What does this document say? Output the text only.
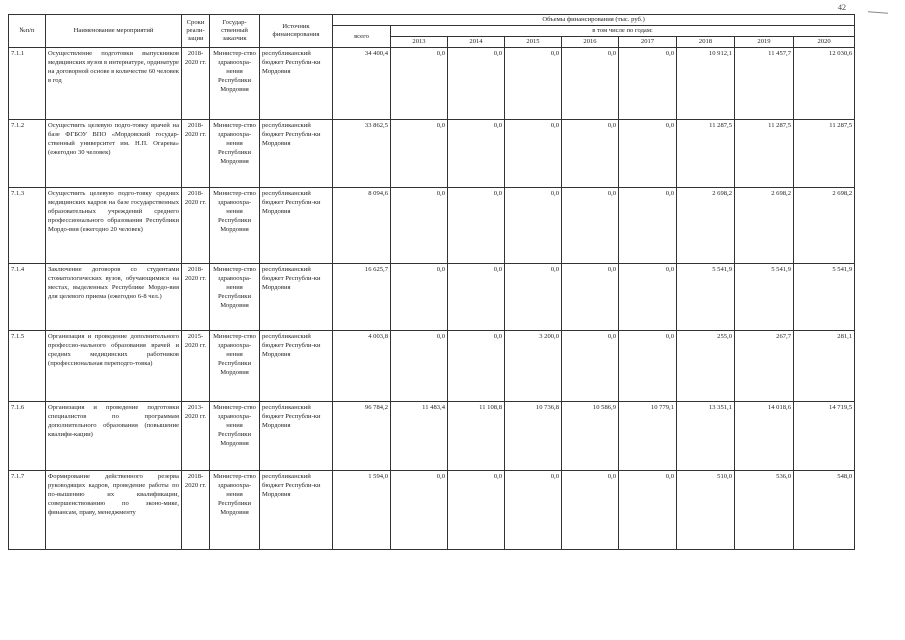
42
№п/п	Наименование мероприятий	Сроки реали-зации	Государ-ственный заказчик	Источник финансирования	Объемы финансирования (тыс. руб.)								
					всего	в том числе по годам:							
						2013	2014	2015	2016	2017	2018	2019	2020
7.1.1	Осуществление подготовки выпускников медицинских вузов в интернатуре, ординатуре на договорной основе в количестве 60 человек в год	2018-2020 гг.	Министер-ство здравоохра-нения Республики Мордовия	республиканский бюджет Республи-ки Мордовия	34 400,4	0,0	0,0	0,0	0,0	0,0	10 912,1	11 457,7	12 030,6
7.1.2	Осуществить целевую подго-товку врачей на базе ФГБОУ ВПО «Мордовский государ-ственный университет им. Н.П. Огарева» (ежегодно 30 человек)	2018-2020 гг.	Министер-ство здравоохра-нения Республики Мордовия	республиканский бюджет Республи-ки Мордовия	33 862,5	0,0	0,0	0,0	0,0	0,0	11 287,5	11 287,5	11 287,5
7.1.3	Осуществить целевую подго-товку средних медицинских кадров на базе государственных образовательных учреждений среднего профессионального образования Республики Мордо-вия (ежегодно 20 человек)	2018-2020 гг.	Министер-ство здравоохра-нения Республики Мордовия	республиканский бюджет Республи-ки Мордовия	8 094,6	0,0	0,0	0,0	0,0	0,0	2 698,2	2 698,2	2 698,2
7.1.4	Заключение договоров со студентами стоматологических вузов, обучающимися на местах, выделенных Республике Мордо-вия для целевого приема (ежегодно 6-8 чел.)	2018-2020 гг.	Министер-ство здравоохра-нения Республики Мордовия	республиканский бюджет Республи-ки Мордовия	16 625,7	0,0	0,0	0,0	0,0	0,0	5 541,9	5 541,9	5 541,9
7.1.5	Организация и проведение дополнительного профессио-нального образования врачей и средних медицинских работников (профессиональная переподго-товка)	2015-2020 гг.	Министер-ство здравоохра-нения Республики Мордовия	республиканский бюджет Республи-ки Мордовия	4 003,8	0,0	0,0	3 200,0	0,0	0,0	255,0	267,7	281,1
7.1.6	Организация и проведение подготовки специалистов по программам дополнительного образования (повышение квалифи-кации)	2013-2020 гг.	Министер-ство здравоохра-нения Республики Мордовия	республиканский бюджет Республи-ки Мордовия	96 784,2	11 483,4	11 108,8	10 736,8	10 586,9	10 779,1	13 351,1	14 018,6	14 719,5
7.1.7	Формирование действенного резерва руководящих кадров, проведение работы по по-вышению их квалификации, совершенствованию по эконо-мике, финансам, праву, менеджменту	2018-2020 гг.	Министер-ство здравоохра-нения Республики Мордовия	республиканский бюджет Республи-ки Мордовия	1 594,0	0,0	0,0	0,0	0,0	0,0	510,0	536,0	548,0
